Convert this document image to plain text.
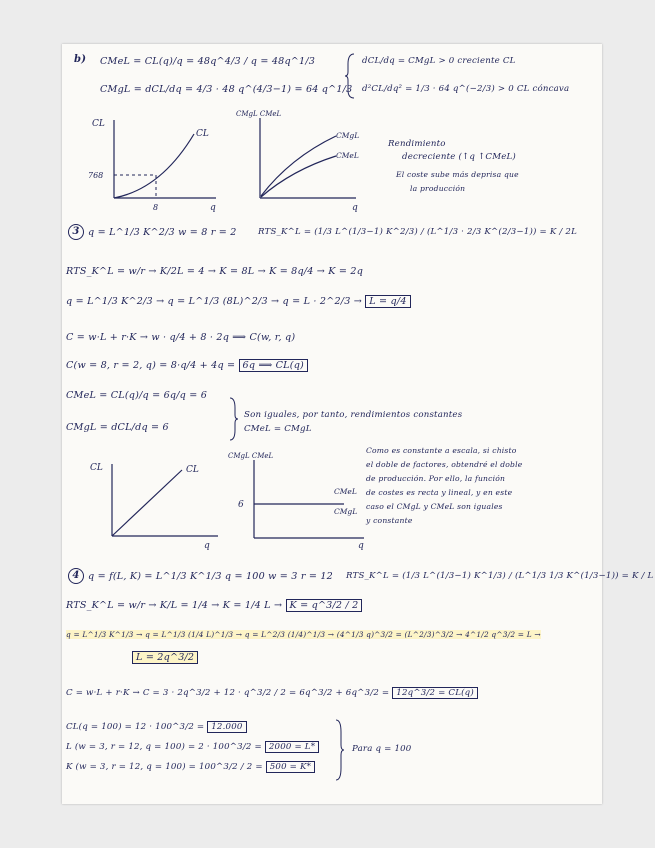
b) CMeL = CL(q)/q = 48q^4/3 / q = 48q^1/3
CMgL = dCL/dq = 4/3 · 48 q^(4/3−1) = 64 q^1/3
dCL/dq = CMgL > 0 creciente CL
d²CL/dq² = 1/3 · 64 q^(−2/3) > 0 CL cóncava
CL
CL
768
8	q
CMgL CMeL
CMgL
CMeL
q
Rendimiento
decreciente (↑q ↑CMeL)
El coste sube más deprisa que
la producción
3 q = L^1/3 K^2/3 w = 8 r = 2 RTS_K^L = (1/3 L^(1/3−1) K^2/3) / (L^1/3 · 2/3 K^(2/3−1)) = K / 2L
RTS_K^L = w/r → K/2L = 4 → K = 8L → K = 8q/4 → K = 2q
q = L^1/3 K^2/3 → q = L^1/3 (8L)^2/3 → q = L · 2^2/3 → L = q/4
C = w·L + r·K → w · q/4 + 8 · 2q ⟹ C(w, r, q)
C(w = 8, r = 2, q) = 8·q/4 + 4q = 6q ⟹ CL(q)
CMeL = CL(q)/q = 6q/q = 6
CMgL = dCL/dq = 6
Son iguales, por tanto, rendimientos constantes
CMeL = CMgL
CL	CL
q
CMgL CMeL
6
CMeL
CMgL
q
Como es constante a escala, si chisto
el doble de factores, obtendré el doble
de producción. Por ello, la función
de costes es recta y lineal, y en este
caso el CMgL y CMeL son iguales
y constante
4 q = f(L, K) = L^1/3 K^1/3 q = 100 w = 3 r = 12 RTS_K^L = (1/3 L^(1/3−1) K^1/3) / (L^1/3 1/3 K^(1/3−1)) = K / L
RTS_K^L = w/r → K/L = 1/4 → K = 1/4 L → K = q^3/2 / 2
q = L^1/3 K^1/3 → q = L^1/3 (1/4 L)^1/3 → q = L^2/3 (1/4)^1/3 → (4^1/3 q)^3/2 = (L^2/3)^3/2 → 4^1/2 q^3/2 = L →
L = 2q^3/2
C = w·L + r·K → C = 3 · 2q^3/2 + 12 · q^3/2 / 2 = 6q^3/2 + 6q^3/2 = 12q^3/2 = CL(q)
CL(q = 100) = 12 · 100^3/2 = 12.000
L (w = 3, r = 12, q = 100) = 2 · 100^3/2 = 2000 = L*
K (w = 3, r = 12, q = 100) = 100^3/2 / 2 = 500 = K*
Para q = 100
